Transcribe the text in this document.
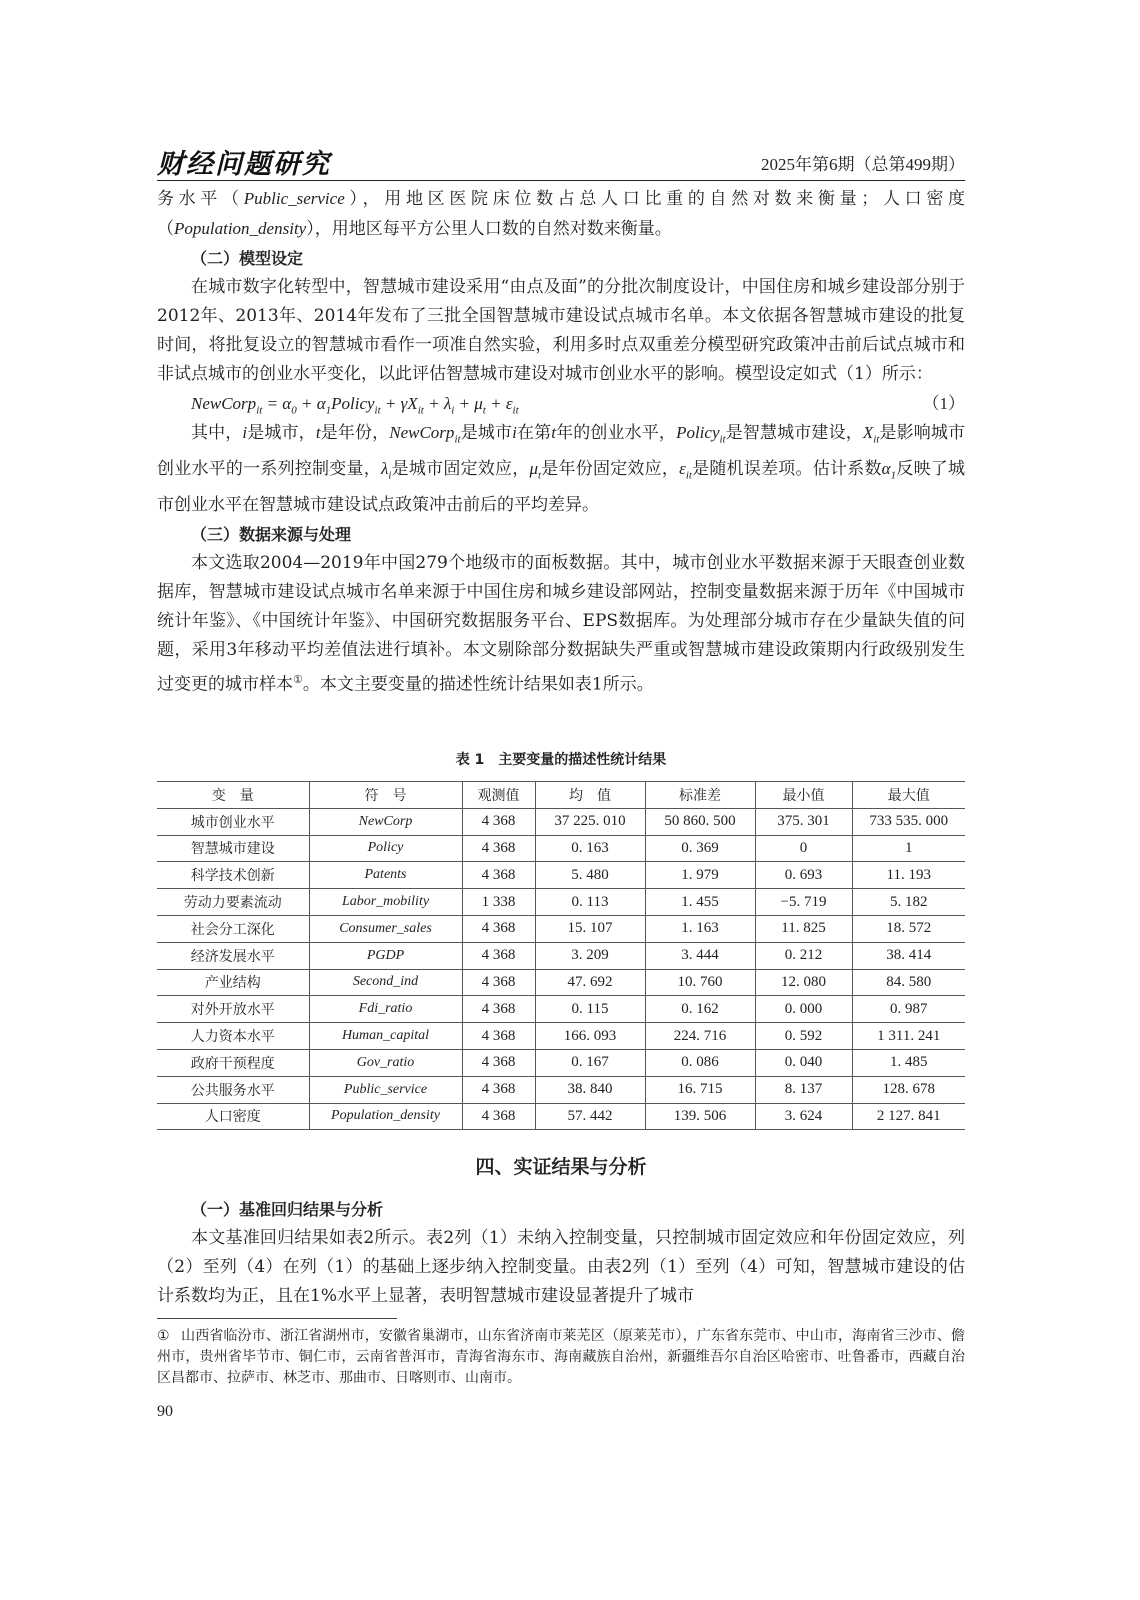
财经问题研究	2025年第6期（总第499期）

务水平（Public_service），用地区医院床位数占总人口比重的自然对数来衡量；人口密度（Population_density），用地区每平方公里人口数的自然对数来衡量。

（二）模型设定

在城市数字化转型中，智慧城市建设采用“由点及面”的分批次制度设计，中国住房和城乡建设部分别于2012年、2013年、2014年发布了三批全国智慧城市建设试点城市名单。本文依据各智慧城市建设的批复时间，将批复设立的智慧城市看作一项准自然实验，利用多时点双重差分模型研究政策冲击前后试点城市和非试点城市的创业水平变化，以此评估智慧城市建设对城市创业水平的影响。模型设定如式（1）所示：

NewCorp$_{it}$ = $\alpha_0$ + $\alpha_1Policy_{it} + \gamma X_{it} + \lambda_i + \mu_t + \varepsilon_{it}$	（1）

其中，i是城市，t是年份，NewCorp$_{it}$是城市i在第t年的创业水平，Policy$_{it}$是智慧城市建设，$X_{it}$是影响城市创业水平的一系列控制变量，$\lambda_i$是城市固定效应，$\mu_t$是年份固定效应，$\varepsilon_{it}$是随机误差项。估计系数$\alpha_1$反映了城市创业水平在智慧城市建设试点政策冲击前后的平均差异。

（三）数据来源与处理

本文选取2004—2019年中国279个地级市的面板数据。其中，城市创业水平数据来源于天眼查创业数据库，智慧城市建设试点城市名单来源于中国住房和城乡建设部网站，控制变量数据来源于历年《中国城市统计年鉴》、《中国统计年鉴》、中国研究数据服务平台、EPS数据库。为处理部分城市存在少量缺失值的问题，采用3年移动平均差值法进行填补。本文剔除部分数据缺失严重或智慧城市建设政策期内行政级别发生过变更的城市样本①。本文主要变量的描述性统计结果如表1所示。

表 1　主要变量的描述性统计结果
变　量	符　号	观测值	均　值	标准差	最小值	最大值
城市创业水平	NewCorp	4 368	37 225. 010	50 860. 500	375. 301	733 535. 000
智慧城市建设	Policy	4 368	0. 163	0. 369	0	1
科学技术创新	Patents	4 368	5. 480	1. 979	0. 693	11. 193
劳动力要素流动	Labor_mobility	1 338	0. 113	1. 455	−5. 719	5. 182
社会分工深化	Consumer_sales	4 368	15. 107	1. 163	11. 825	18. 572
经济发展水平	PGDP	4 368	3. 209	3. 444	0. 212	38. 414
产业结构	Second_ind	4 368	47. 692	10. 760	12. 080	84. 580
对外开放水平	Fdi_ratio	4 368	0. 115	0. 162	0. 000	0. 987
人力资本水平	Human_capital	4 368	166. 093	224. 716	0. 592	1 311. 241
政府干预程度	Gov_ratio	4 368	0. 167	0. 086	0. 040	1. 485
公共服务水平	Public_service	4 368	38. 840	16. 715	8. 137	128. 678
人口密度	Population_density	4 368	57. 442	139. 506	3. 624	2 127. 841
四、实证结果与分析

（一）基准回归结果与分析

本文基准回归结果如表2所示。表2列（1）未纳入控制变量，只控制城市固定效应和年份固定效应，列（2）至列（4）在列（1）的基础上逐步纳入控制变量。由表2列（1）至列（4）可知，智慧城市建设的估计系数均为正，且在1%水平上显著，表明智慧城市建设显著提升了城市

① 山西省临汾市、浙江省湖州市，安徽省巢湖市，山东省济南市莱芜区（原莱芜市），广东省东莞市、中山市，海南省三沙市、儋州市，贵州省毕节市、铜仁市，云南省普洱市，青海省海东市、海南藏族自治州，新疆维吾尔自治区哈密市、吐鲁番市，西藏自治区昌都市、拉萨市、林芝市、那曲市、日喀则市、山南市。
90
